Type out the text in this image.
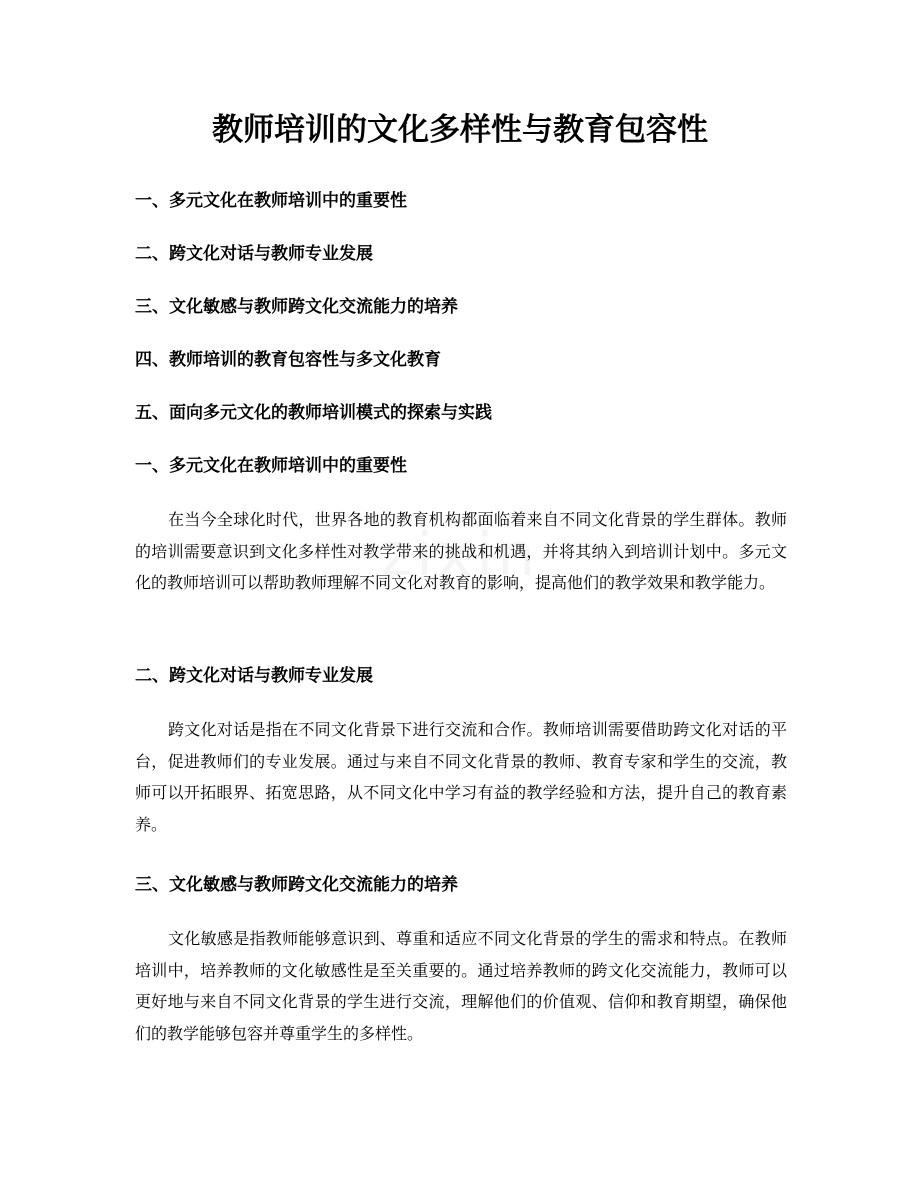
教师培训的文化多样性与教育包容性
一、多元文化在教师培训中的重要性
二、跨文化对话与教师专业发展
三、文化敏感与教师跨文化交流能力的培养
四、教师培训的教育包容性与多文化教育
五、面向多元文化的教师培训模式的探索与实践
一、多元文化在教师培训中的重要性

在当今全球化时代，世界各地的教育机构都面临着来自不同文化背景的学生群体。教师的培训需要意识到文化多样性对教学带来的挑战和机遇，并将其纳入到培训计划中。多元文化的教师培训可以帮助教师理解不同文化对教育的影响，提高他们的教学效果和教学能力。

二、跨文化对话与教师专业发展

跨文化对话是指在不同文化背景下进行交流和合作。教师培训需要借助跨文化对话的平台，促进教师们的专业发展。通过与来自不同文化背景的教师、教育专家和学生的交流，教师可以开拓眼界、拓宽思路，从不同文化中学习有益的教学经验和方法，提升自己的教育素养。

三、文化敏感与教师跨文化交流能力的培养

文化敏感是指教师能够意识到、尊重和适应不同文化背景的学生的需求和特点。在教师培训中，培养教师的文化敏感性是至关重要的。通过培养教师的跨文化交流能力，教师可以更好地与来自不同文化背景的学生进行交流，理解他们的价值观、信仰和教育期望，确保他们的教学能够包容并尊重学生的多样性。
